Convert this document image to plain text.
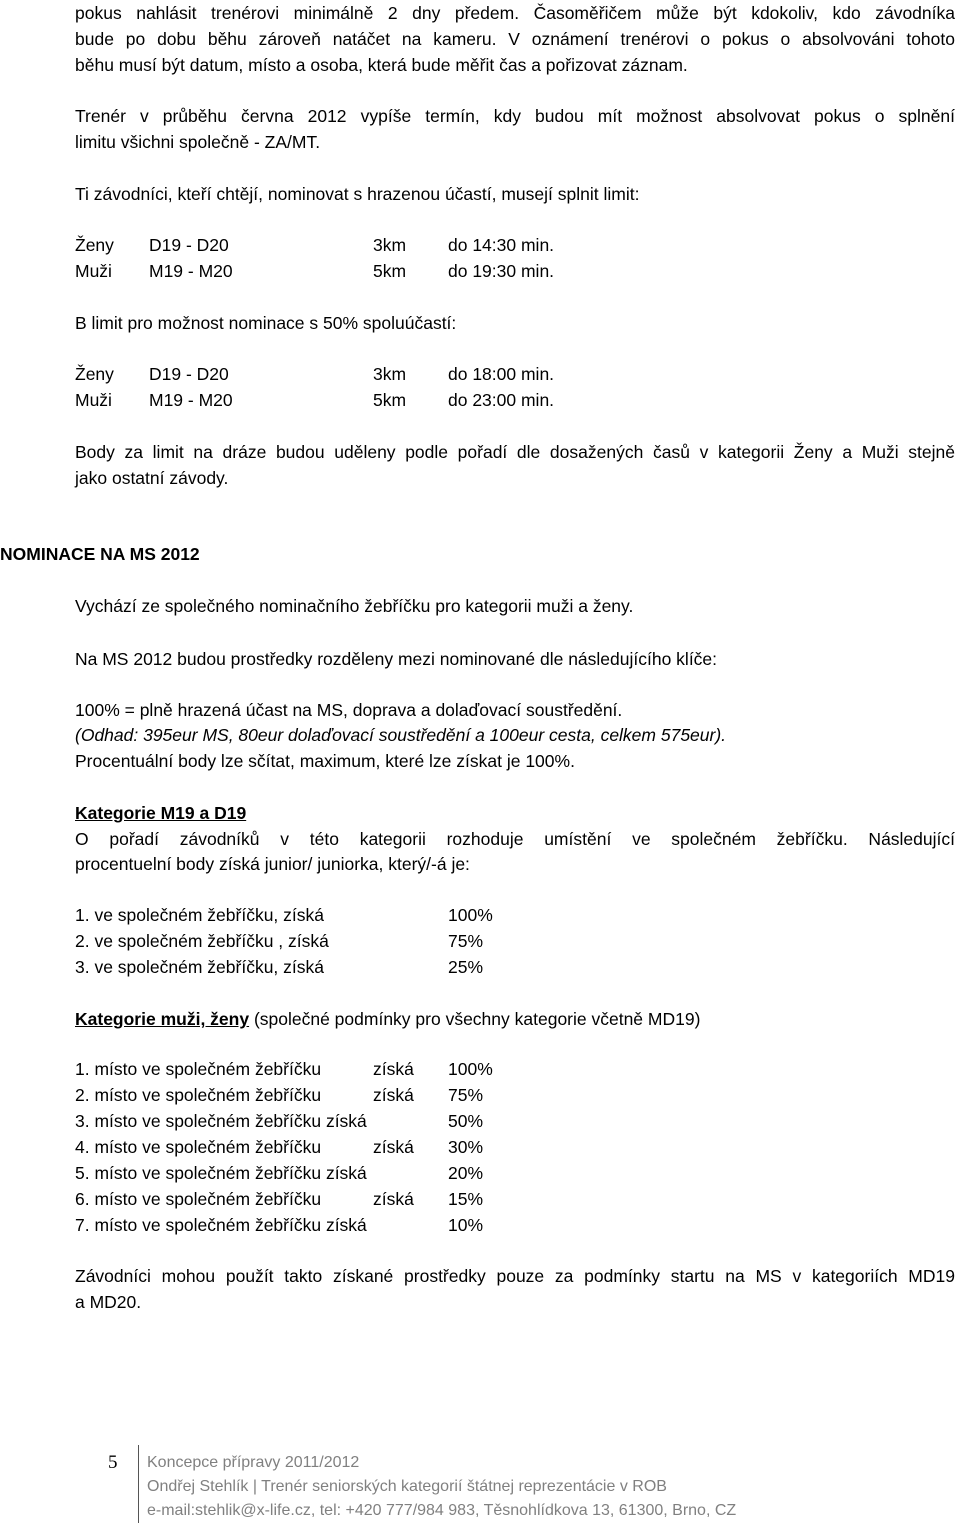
pokus nahlásit trenérovi minimálně 2 dny předem. Časoměřičem může být kdokoliv, kdo závodníka
bude po dobu běhu zároveň natáčet na kameru. V oznámení trenérovi o pokus o absolvováni tohoto
běhu musí být datum, místo a osoba, která bude měřit čas a pořizovat záznam.
Trenér v průběhu června 2012 vypíše termín, kdy budou mít možnost absolvovat pokus o splnění
limitu všichni společně - ZA/MT.
Ti závodníci, kteří chtějí, nominovat s hrazenou účastí, musejí splnit limit:
Ženy D19 - D20	3km do 14:30 min.
Muži M19 - M20	5km do 19:30 min.
B limit pro možnost nominace s 50% spoluúčastí:
Ženy D19 - D20	3km do 18:00 min.
Muži M19 - M20	5km do 23:00 min.
Body za limit na dráze budou uděleny podle pořadí dle dosažených časů v kategorii Ženy a Muži stejně
jako ostatní závody.
NOMINACE NA MS 2012
Vychází ze společného nominačního žebříčku pro kategorii muži a ženy.
Na MS 2012 budou prostředky rozděleny mezi nominované dle následujícího klíče:
100% = plně hrazená účast na MS, doprava a dolaďovací soustředění.
(Odhad: 395eur MS, 80eur dolaďovací soustředění a 100eur cesta, celkem 575eur).
Procentuální body lze sčítat, maximum, které lze získat je 100%.
Kategorie M19 a D19
O pořadí závodníků v této kategorii rozhoduje umístění ve společném žebříčku. Následující
procentuelní body získá junior/ juniorka, který/-á je:
1. ve společném žebříčku, získá	100%
2. ve společném žebříčku , získá	75%
3. ve společném žebříčku, získá	25%
Kategorie muži, ženy (společné podmínky pro všechny kategorie včetně MD19)
1. místo ve společném žebříčku	získá 100%
2. místo ve společném žebříčku	získá 75%
3. místo ve společném žebříčku získá	50%
4. místo ve společném žebříčku	získá 30%
5. místo ve společném žebříčku získá	20%
6. místo ve společném žebříčku	získá 15%
7. místo ve společném žebříčku získá	10%
Závodníci mohou použít takto získané prostředky pouze za podmínky startu na MS v kategoriích MD19
a MD20.
5 Koncepce přípravy 2011/2012
Ondřej Stehlík | Trenér seniorských kategorií štátnej reprezentácie v ROB
e-mail:stehlik@x-life.cz, tel: +420 777/984 983, Těsnohlídkova 13, 61300, Brno, CZ
